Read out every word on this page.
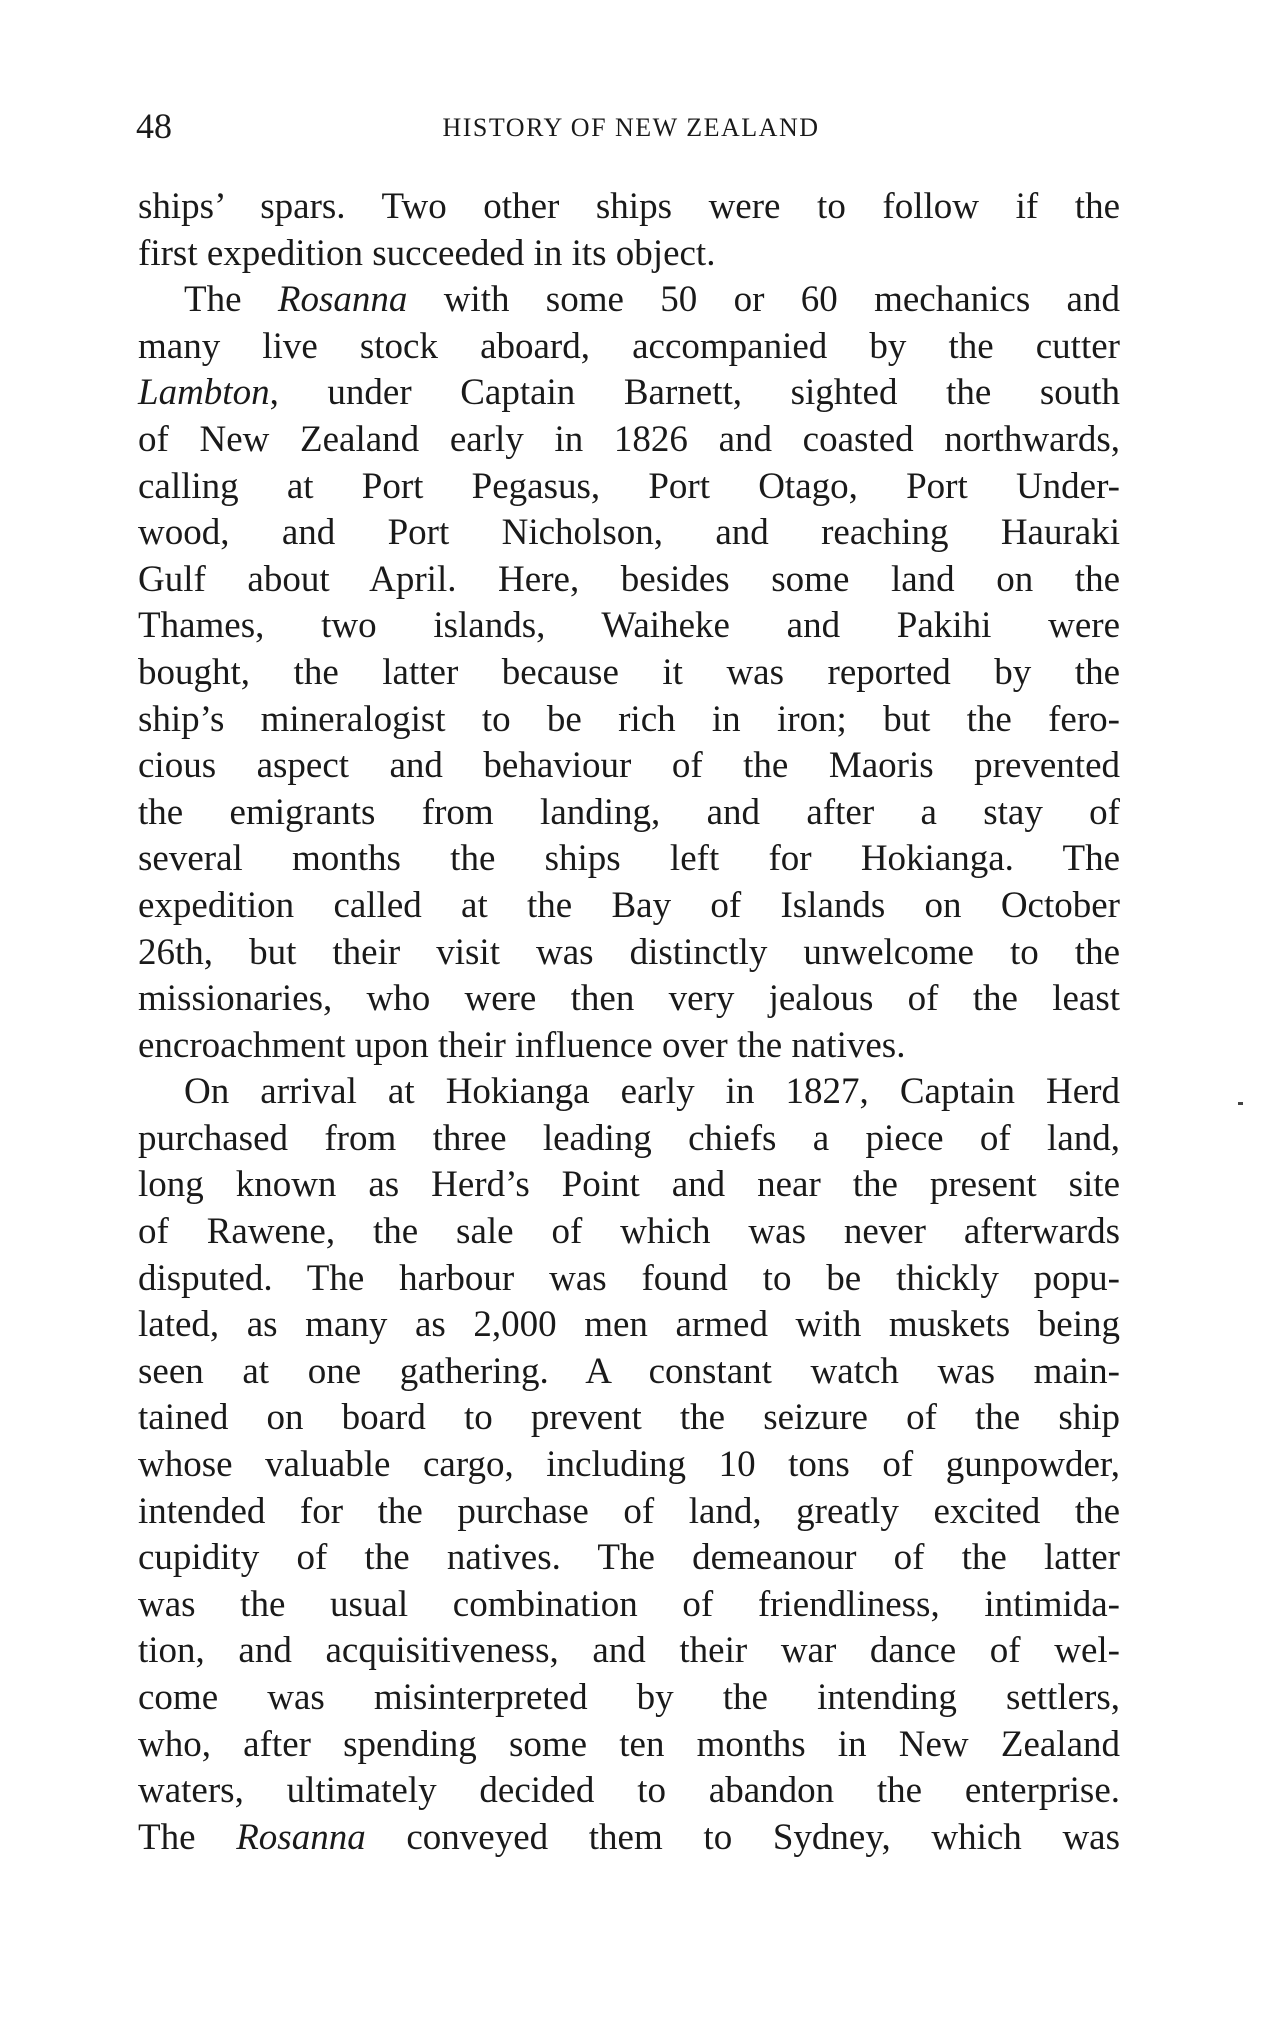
48	HISTORY OF NEW ZEALAND
ships’ spars. Two other ships were to follow if the
first expedition succeeded in its object.
The Rosanna with some 50 or 60 mechanics and
many live stock aboard, accompanied by the cutter
Lambton, under Captain Barnett, sighted the south
of New Zealand early in 1826 and coasted northwards,
calling at Port Pegasus, Port Otago, Port Under-
wood, and Port Nicholson, and reaching Hauraki
Gulf about April. Here, besides some land on the
Thames, two islands, Waiheke and Pakihi were
bought, the latter because it was reported by the
ship’s mineralogist to be rich in iron; but the fero-
cious aspect and behaviour of the Maoris prevented
the emigrants from landing, and after a stay of
several months the ships left for Hokianga. The
expedition called at the Bay of Islands on October
26th, but their visit was distinctly unwelcome to the
missionaries, who were then very jealous of the least
encroachment upon their influence over the natives.
On arrival at Hokianga early in 1827, Captain Herd
purchased from three leading chiefs a piece of land,
long known as Herd’s Point and near the present site
of Rawene, the sale of which was never afterwards
disputed. The harbour was found to be thickly popu-
lated, as many as 2,000 men armed with muskets being
seen at one gathering. A constant watch was main-
tained on board to prevent the seizure of the ship
whose valuable cargo, including 10 tons of gunpowder,
intended for the purchase of land, greatly excited the
cupidity of the natives. The demeanour of the latter
was the usual combination of friendliness, intimida-
tion, and acquisitiveness, and their war dance of wel-
come was misinterpreted by the intending settlers,
who, after spending some ten months in New Zealand
waters, ultimately decided to abandon the enterprise.
The Rosanna conveyed them to Sydney, which was
